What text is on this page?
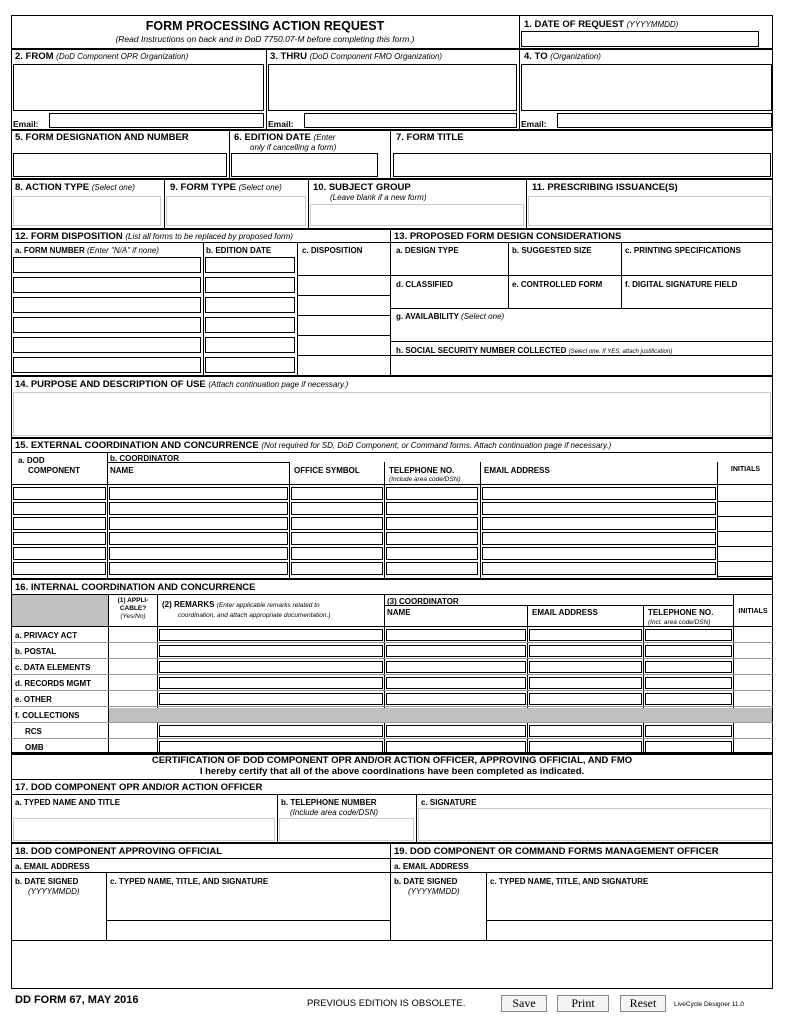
FORM PROCESSING ACTION REQUEST
(Read Instructions on back and in DoD 7750.07-M before completing this form.)
1. DATE OF REQUEST (YYYYMMDD)
2. FROM (DoD Component OPR Organization)	3. THRU (DoD Component FMO Organization)	4. TO (Organization)
Email:	Email:	Email:
5. FORM DESIGNATION AND NUMBER	6. EDITION DATE (Enter
only if cancelling a form)
7. FORM TITLE
8. ACTION TYPE (Select one)	9. FORM TYPE (Select one)	10. SUBJECT GROUP
(Leave blank if a new form)
11. PRESCRIBING ISSUANCE(S)
12. FORM DISPOSITION (List all forms to be replaced by proposed form)
a. FORM NUMBER (Enter "N/A" if none)	b. EDITION DATE	c. DISPOSITION
13. PROPOSED FORM DESIGN CONSIDERATIONS
a. DESIGN TYPE	b. SUGGESTED SIZE	c. PRINTING SPECIFICATIONS
d. CLASSIFIED	e. CONTROLLED FORM	f. DIGITAL SIGNATURE FIELD
g. AVAILABILITY (Select one)
h. SOCIAL SECURITY NUMBER COLLECTED (Select one. If YES, attach justification)
14. PURPOSE AND DESCRIPTION OF USE (Attach continuation page if necessary.)
15. EXTERNAL COORDINATION AND CONCURRENCE (Not required for SD, DoD Component, or Command forms. Attach continuation page if necessary.)
a. DOD
COMPONENT
b. COORDINATOR
NAME	OFFICE SYMBOL	TELEPHONE NO.
(Include area code/DSN)
EMAIL ADDRESS	INITIALS
16. INTERNAL COORDINATION AND CONCURRENCE
(1) APPLI-
CABLE?
(Yes/No)
(2) REMARKS (Enter applicable remarks related to
coordination, and attach appropriate documentation.)
(3) COORDINATOR
NAME	EMAIL ADDRESS	TELEPHONE NO.
(Incl. area code/DSN)
INITIALS
a. PRIVACY ACT
b. POSTAL
c. DATA ELEMENTS
d. RECORDS MGMT
e. OTHER
f. COLLECTIONS
RCS
OMB
CERTIFICATION OF DOD COMPONENT OPR AND/OR ACTION OFFICER, APPROVING OFFICIAL, AND FMO
I hereby certify that all of the above coordinations have been completed as indicated.
17. DOD COMPONENT OPR AND/OR ACTION OFFICER
a. TYPED NAME AND TITLE	b. TELEPHONE NUMBER
(Include area code/DSN)
c. SIGNATURE
18. DOD COMPONENT APPROVING OFFICIAL	19. DOD COMPONENT OR COMMAND FORMS MANAGEMENT OFFICER
a. EMAIL ADDRESS	a. EMAIL ADDRESS
b. DATE SIGNED
(YYYYMMDD)
c. TYPED NAME, TITLE, AND SIGNATURE	b. DATE SIGNED
(YYYYMMDD)
c. TYPED NAME, TITLE, AND SIGNATURE
DD FORM 67, MAY 2016	PREVIOUS EDITION IS OBSOLETE.	Save	Print	Reset	LiveCycle Designer 11.0
